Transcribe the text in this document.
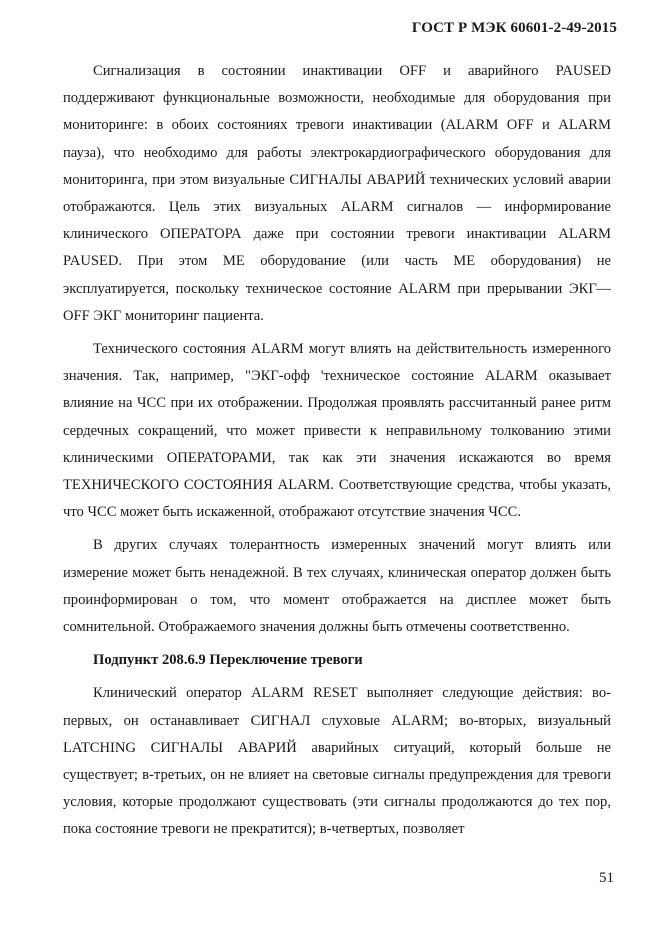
ГОСТ Р МЭК 60601-2-49-2015

Сигнализация в состоянии инактивации OFF и аварийного PAUSED поддерживают функциональные возможности, необходимые для оборудования при мониторинге: в обоих состояниях тревоги инактивации (ALARM OFF и ALARM пауза), что необходимо для работы электрокардиографического оборудования для мониторинга, при этом визуальные СИГНАЛЫ АВАРИЙ технических условий аварии отображаются. Цель этих визуальных ALARM сигналов — информирование клинического ОПЕРАТОРА даже при состоянии тревоги инактивации ALARM PAUSED. При этом МЕ оборудование (или часть МЕ оборудования) не эксплуатируется, поскольку техническое состояние ALARM при прерывании ЭКГ—OFF ЭКГ мониторинг пациента.

Технического состояния ALARM могут влиять на действительность измеренного значения. Так, например, "ЭКГ-офф 'техническое состояние ALARM оказывает влияние на ЧСС при их отображении. Продолжая проявлять рассчитанный ранее ритм сердечных сокращений, что может привести к неправильному толкованию этими клиническими ОПЕРАТОРАМИ, так как эти значения искажаются во время ТЕХНИЧЕСКОГО СОСТОЯНИЯ ALARM. Соответствующие средства, чтобы указать, что ЧСС может быть искаженной, отображают отсутствие значения ЧСС.

В других случаях толерантность измеренных значений могут влиять или измерение может быть ненадежной. В тех случаях, клиническая оператор должен быть проинформирован о том, что момент отображается на дисплее может быть сомнительной. Отображаемого значения должны быть отмечены соответственно.

Подпункт 208.6.9 Переключение тревоги

Клинический оператор ALARM RESET выполняет следующие действия: во-первых, он останавливает СИГНАЛ слуховые ALARM; во-вторых, визуальный LATCHING СИГНАЛЫ АВАРИЙ аварийных ситуаций, который больше не существует; в-третьих, он не влияет на световые сигналы предупреждения для тревоги условия, которые продолжают существовать (эти сигналы продолжаются до тех пор, пока состояние тревоги не прекратится); в-четвертых, позволяет

51
